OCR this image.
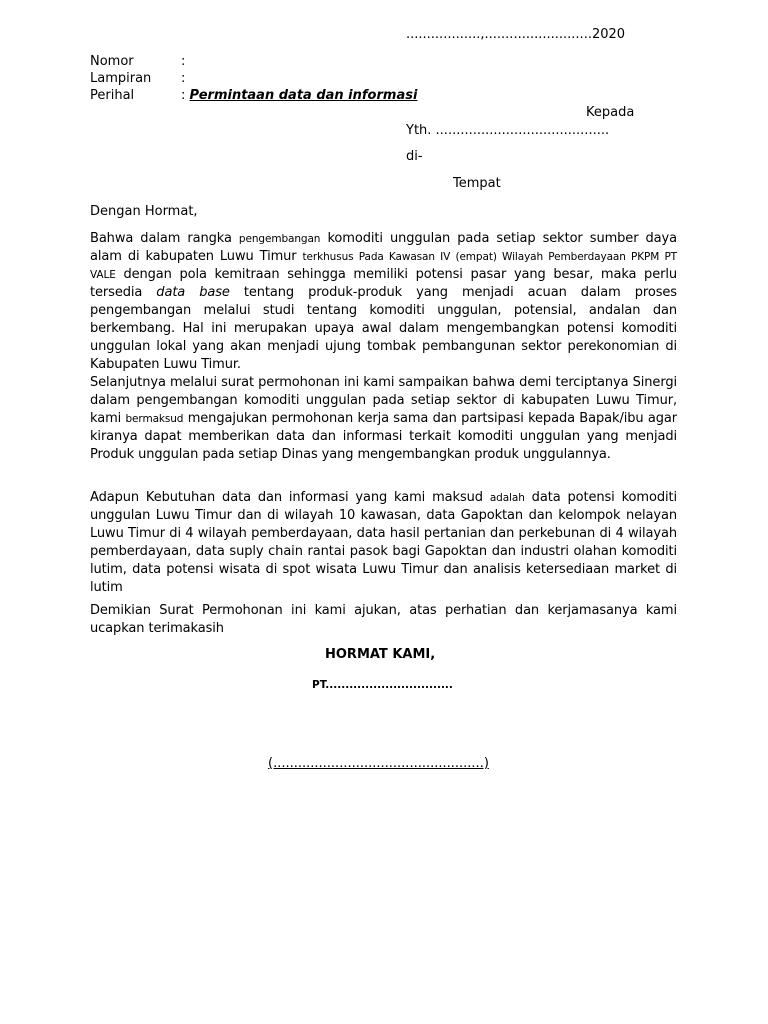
..................,..........................2020
Nomor	:
Lampiran :
Perihal	: Permintaan data dan informasi
Kepada
Yth. ..........................................
di-
Tempat
Dengan Hormat,
Bahwa dalam rangka pengembangan komoditi unggulan pada setiap sektor sumber daya alam di kabupaten Luwu Timur terkhusus Pada Kawasan IV (empat) Wilayah Pemberdayaan PKPM PT VALE dengan pola kemitraan sehingga memiliki potensi pasar yang besar, maka perlu tersedia data base tentang produk-produk yang menjadi acuan dalam proses pengembangan melalui studi tentang komoditi unggulan, potensial, andalan dan berkembang. Hal ini merupakan upaya awal dalam mengembangkan potensi komoditi unggulan lokal yang akan menjadi ujung tombak pembangunan sektor perekonomian di Kabupaten Luwu Timur.
Selanjutnya melalui surat permohonan ini kami sampaikan bahwa demi terciptanya Sinergi dalam pengembangan komoditi unggulan pada setiap sektor di kabupaten Luwu Timur, kami bermaksud mengajukan permohonan kerja sama dan partsipasi kepada Bapak/ibu agar kiranya dapat memberikan data dan informasi terkait komoditi unggulan yang menjadi Produk unggulan pada setiap Dinas yang mengembangkan produk unggulannya.
Adapun Kebutuhan data dan informasi yang kami maksud adalah data potensi komoditi unggulan Luwu Timur dan di wilayah 10 kawasan, data Gapoktan dan kelompok nelayan Luwu Timur di 4 wilayah pemberdayaan, data hasil pertanian dan perkebunan di 4 wilayah pemberdayaan, data suply chain rantai pasok bagi Gapoktan dan industri olahan komoditi lutim, data potensi wisata di spot wisata Luwu Timur dan analisis ketersediaan market di lutim
Demikian Surat Permohonan ini kami ajukan, atas perhatian dan kerjamasanya kami ucapkan terimakasih
HORMAT KAMI,
PT................................
(...................................................)
